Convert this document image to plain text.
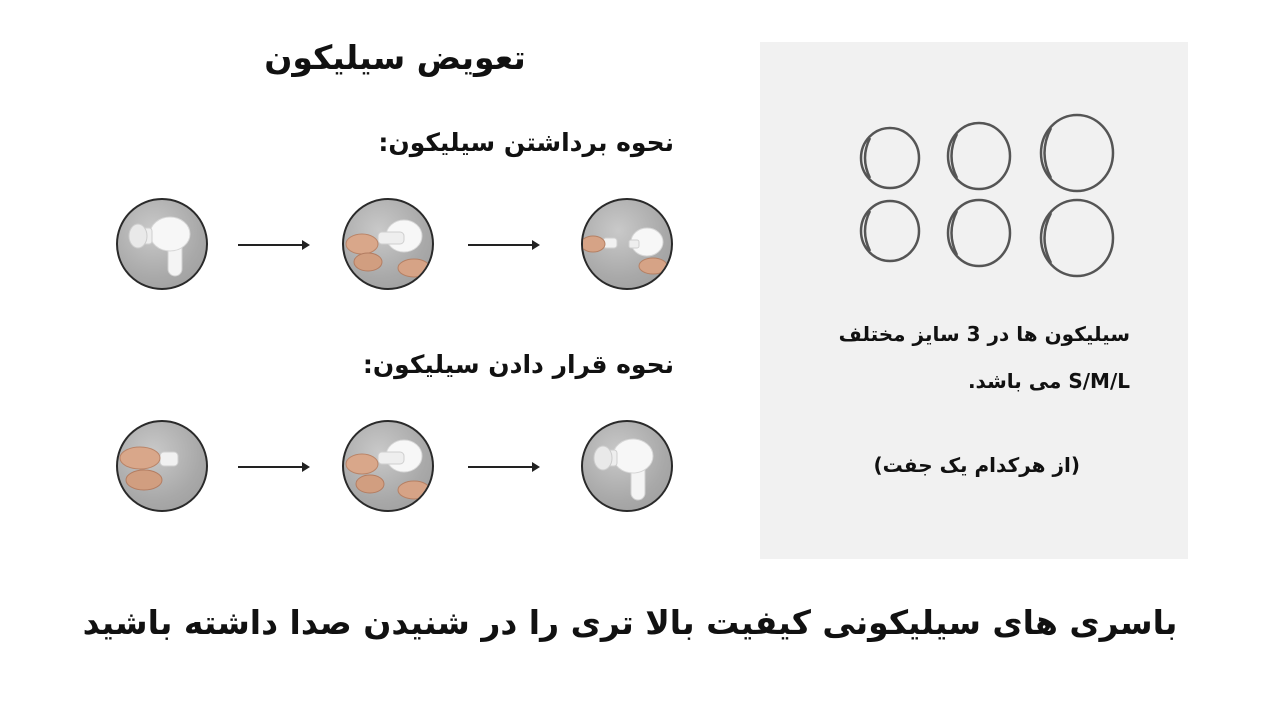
تعویض سیلیکون
نحوه برداشتن سیلیکون:
نحوه قرار دادن سیلیکون:
سیلیکون ها در 3 سایز مختلف
S/M/L می باشد.
(از هرکدام یک جفت)
باسری های سیلیکونی کیفیت بالا تری را در شنیدن صدا داشته باشید
